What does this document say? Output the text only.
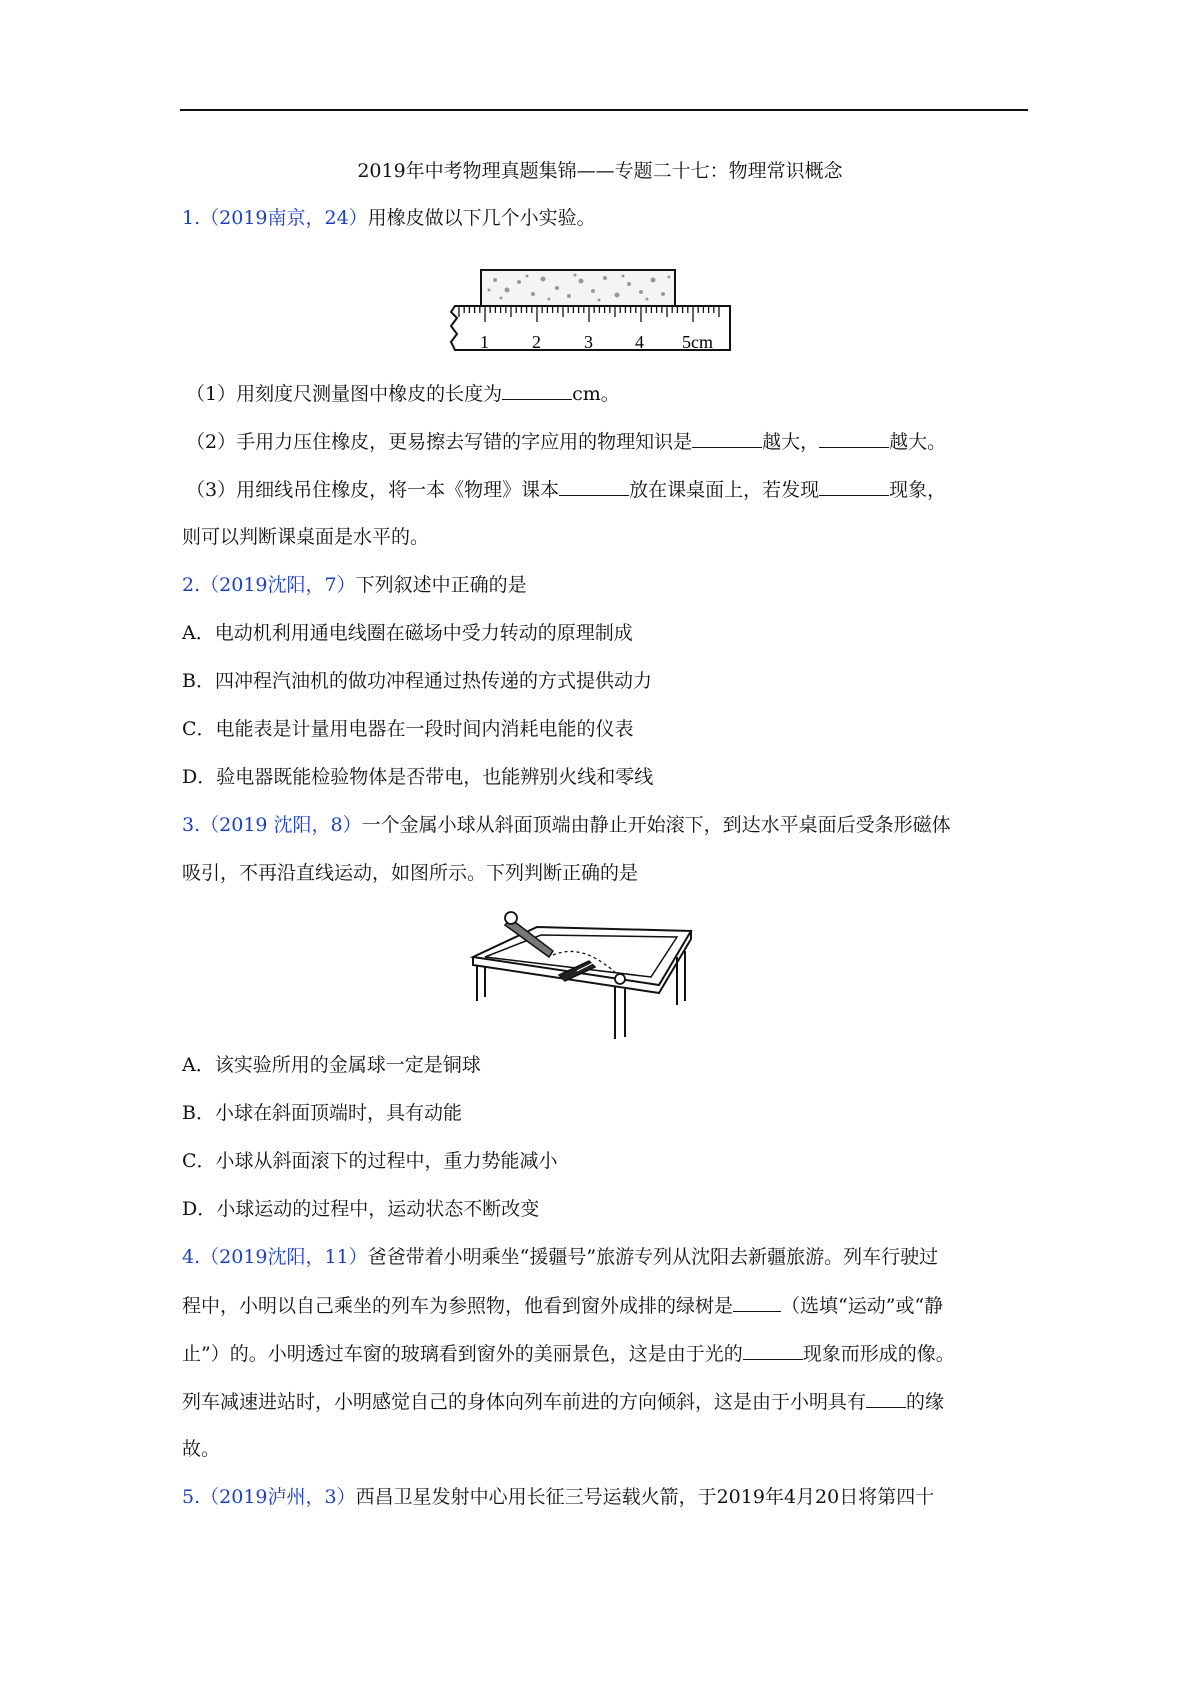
2019年中考物理真题集锦——专题二十七：物理常识概念
1.（2019南京，24）用橡皮做以下几个小实验。
1 2 3 4 5cm
（1）用刻度尺测量图中橡皮的长度为	cm。
（2）手用力压住橡皮，更易擦去写错的字应用的物理知识是	越大，	越大。
（3）用细线吊住橡皮，将一本《物理》课本	放在课桌面上，若发现	现象，
则可以判断课桌面是水平的。
2.（2019沈阳，7）下列叙述中正确的是
A．电动机利用通电线圈在磁场中受力转动的原理制成
B．四冲程汽油机的做功冲程通过热传递的方式提供动力
C．电能表是计量用电器在一段时间内消耗电能的仪表
D．验电器既能检验物体是否带电，也能辨别火线和零线
3.（2019 沈阳，8）一个金属小球从斜面顶端由静止开始滚下，到达水平桌面后受条形磁体
吸引，不再沿直线运动，如图所示。下列判断正确的是
A．该实验所用的金属球一定是铜球
B．小球在斜面顶端时，具有动能
C．小球从斜面滚下的过程中，重力势能减小
D．小球运动的过程中，运动状态不断改变
4.（2019沈阳，11）爸爸带着小明乘坐“援疆号”旅游专列从沈阳去新疆旅游。列车行驶过
程中，小明以自己乘坐的列车为参照物，他看到窗外成排的绿树是	（选填“运动”或“静
止”）的。小明透过车窗的玻璃看到窗外的美丽景色，这是由于光的	现象而形成的像。
列车减速进站时，小明感觉自己的身体向列车前进的方向倾斜，这是由于小明具有 的缘
故。
5.（2019泸州，3）西昌卫星发射中心用长征三号运载火箭，于2019年4月20日将第四十
